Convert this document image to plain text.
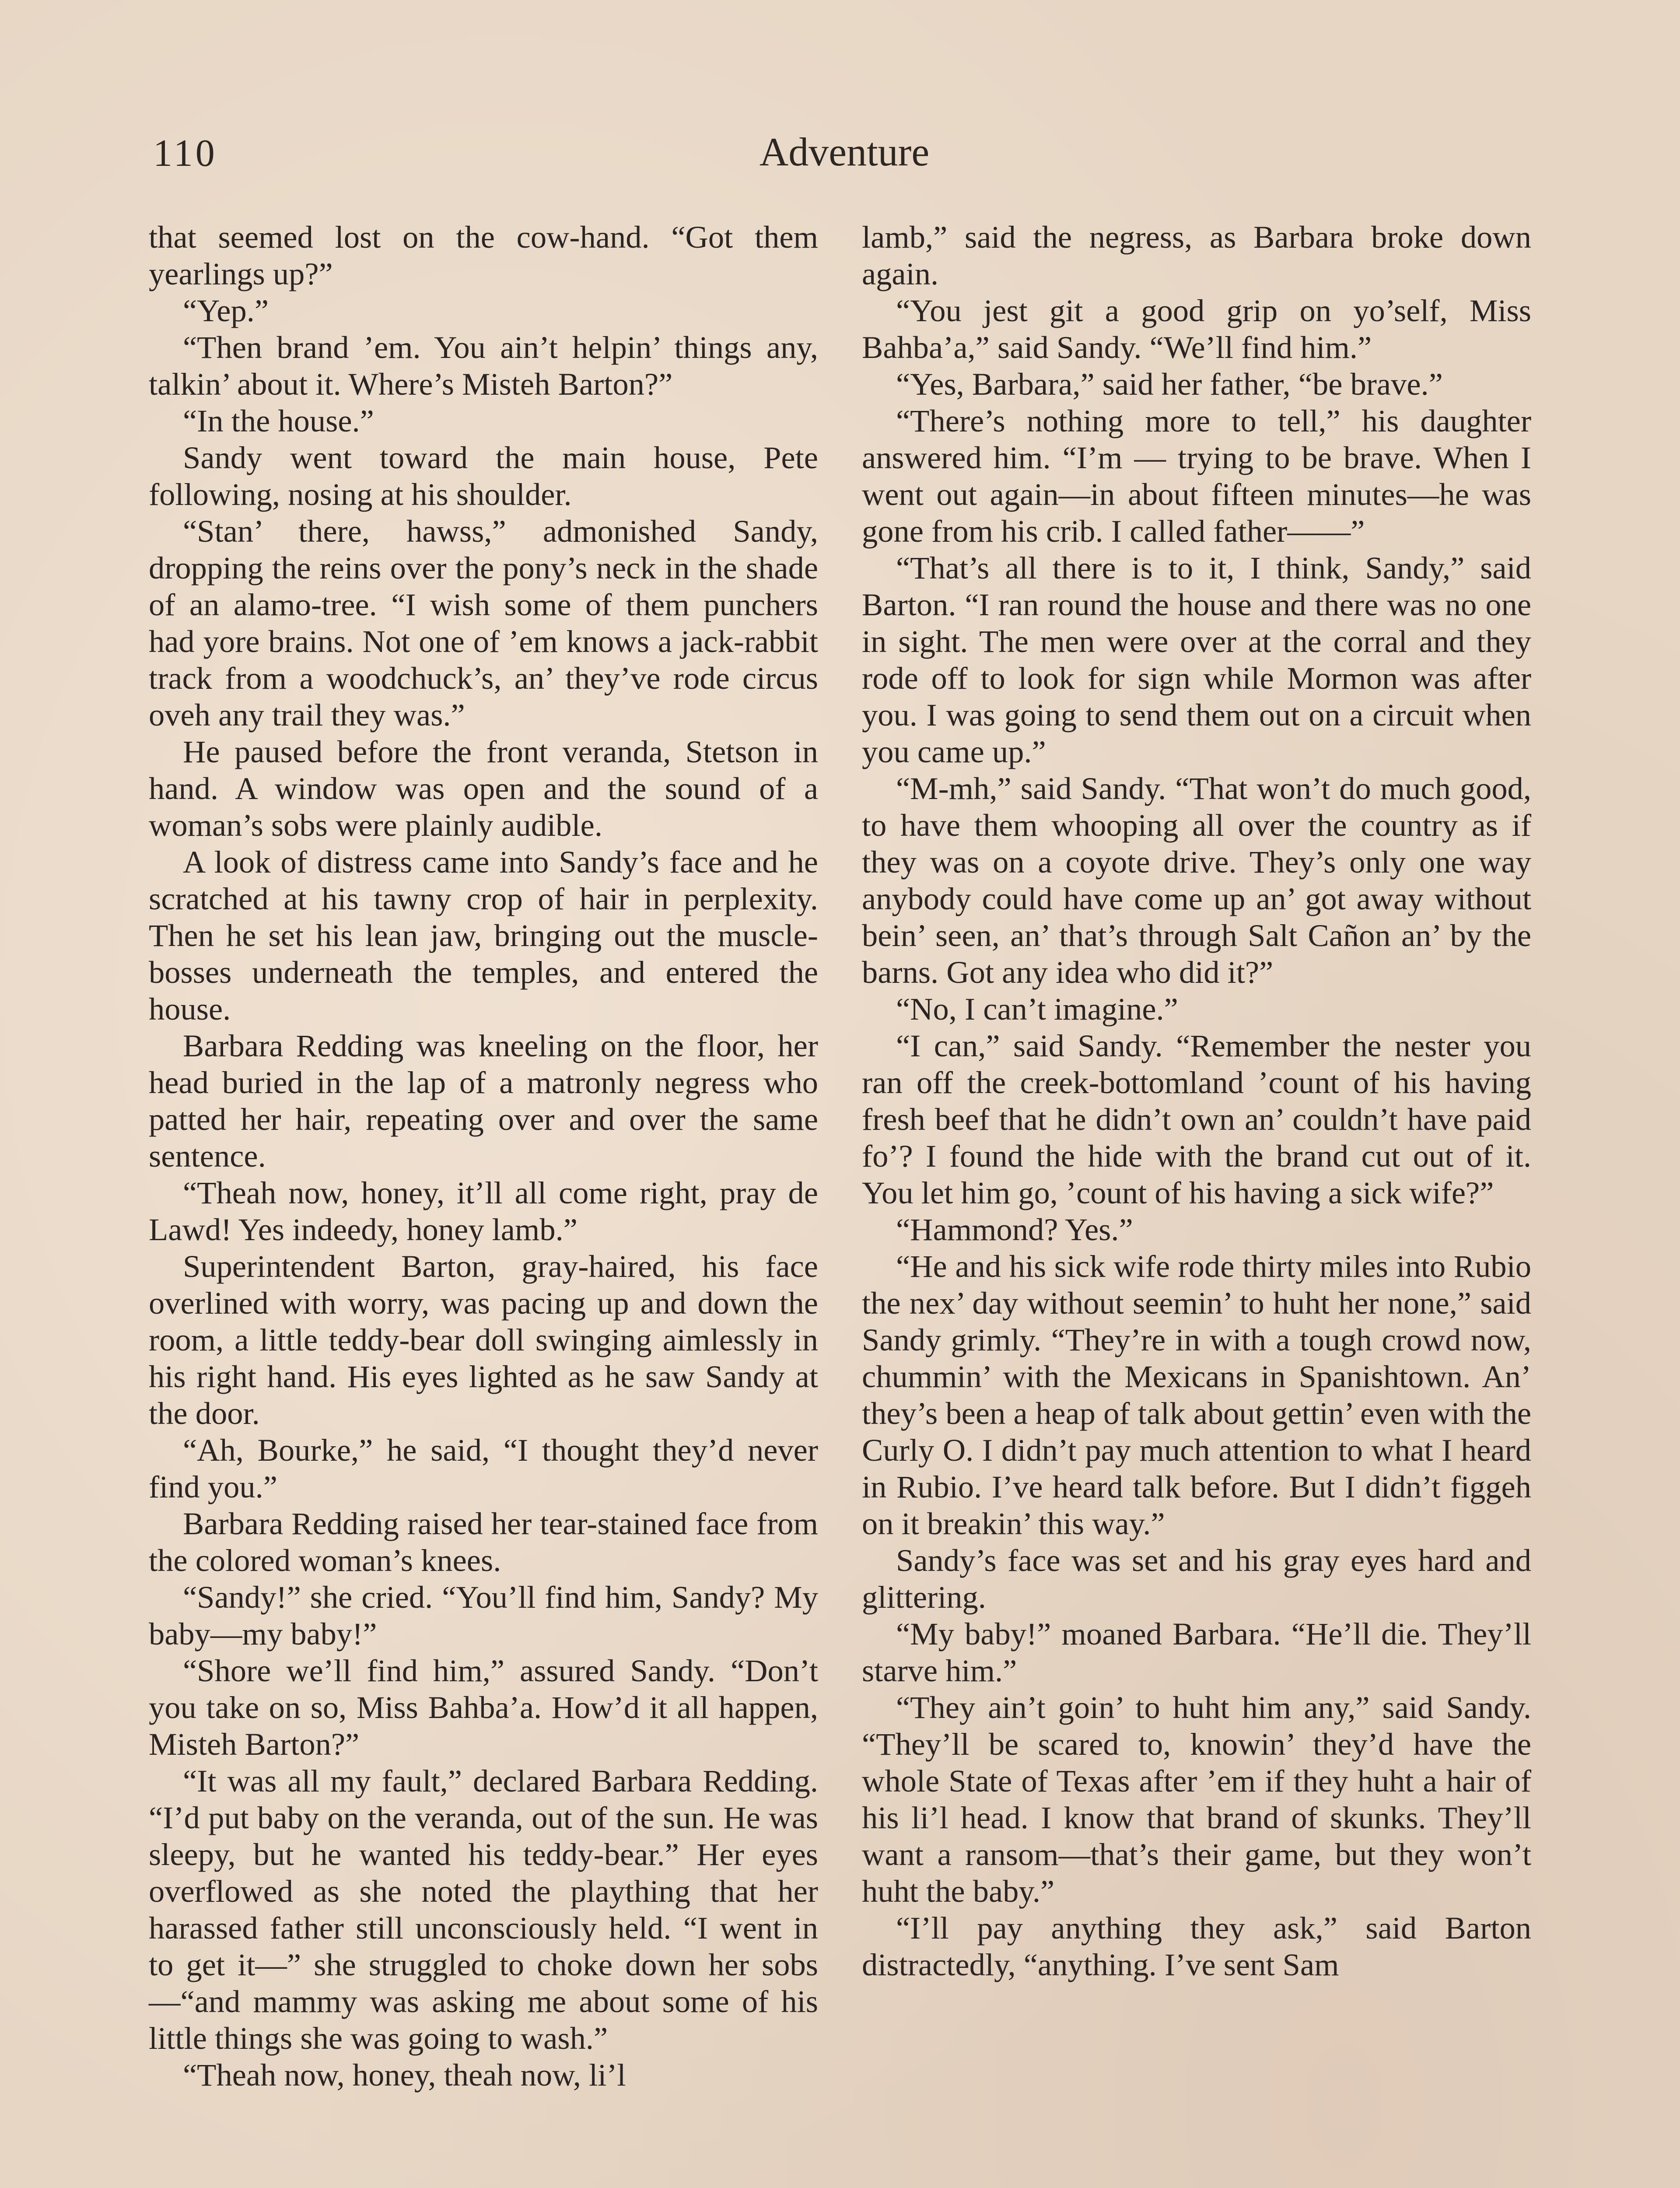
110	Adventure

that seemed lost on the cow-hand. “Got them yearlings up?”

“Yep.”

“Then brand ’em. You ain’t helpin’ things any, talkin’ about it. Where’s Misteh Barton?”

“In the house.”

Sandy went toward the main house, Pete following, nosing at his shoulder.

“Stan’ there, hawss,” admonished Sandy, dropping the reins over the pony’s neck in the shade of an alamo-tree. “I wish some of them punchers had yore brains. Not one of ’em knows a jack-rabbit track from a woodchuck’s, an’ they’ve rode circus oveh any trail they was.”

He paused before the front veranda, Stetson in hand. A window was open and the sound of a woman’s sobs were plainly audible.

A look of distress came into Sandy’s face and he scratched at his tawny crop of hair in perplexity. Then he set his lean jaw, bringing out the muscle-bosses underneath the temples, and entered the house.

Barbara Redding was kneeling on the floor, her head buried in the lap of a matronly negress who patted her hair, repeating over and over the same sentence.

“Theah now, honey, it’ll all come right, pray de Lawd! Yes indeedy, honey lamb.”

Superintendent Barton, gray-haired, his face overlined with worry, was pacing up and down the room, a little teddy-bear doll swinging aimlessly in his right hand. His eyes lighted as he saw Sandy at the door.

“Ah, Bourke,” he said, “I thought they’d never find you.”

Barbara Redding raised her tear-stained face from the colored woman’s knees.

“Sandy!” she cried. “You’ll find him, Sandy? My baby—my baby!”

“Shore we’ll find him,” assured Sandy. “Don’t you take on so, Miss Bahba’a. How’d it all happen, Misteh Barton?”

“It was all my fault,” declared Barbara Redding. “I’d put baby on the veranda, out of the sun. He was sleepy, but he wanted his teddy-bear.” Her eyes overflowed as she noted the plaything that her harassed father still unconsciously held. “I went in to get it—” she struggled to choke down her sobs—“and mammy was asking me about some of his little things she was going to wash.”

“Theah now, honey, theah now, li’l

lamb,” said the negress, as Barbara broke down again.

“You jest git a good grip on yo’self, Miss Bahba’a,” said Sandy. “We’ll find him.”

“Yes, Barbara,” said her father, “be brave.”

“There’s nothing more to tell,” his daughter answered him. “I’m — trying to be brave. When I went out again—in about fifteen minutes—he was gone from his crib. I called father——”

“That’s all there is to it, I think, Sandy,” said Barton. “I ran round the house and there was no one in sight. The men were over at the corral and they rode off to look for sign while Mormon was after you. I was going to send them out on a circuit when you came up.”

“M-mh,” said Sandy. “That won’t do much good, to have them whooping all over the country as if they was on a coyote drive. They’s only one way anybody could have come up an’ got away without bein’ seen, an’ that’s through Salt Cañon an’ by the barns. Got any idea who did it?”

“No, I can’t imagine.”

“I can,” said Sandy. “Remember the nester you ran off the creek-bottomland ’count of his having fresh beef that he didn’t own an’ couldn’t have paid fo’? I found the hide with the brand cut out of it. You let him go, ’count of his having a sick wife?”

“Hammond? Yes.”

“He and his sick wife rode thirty miles into Rubio the nex’ day without seemin’ to huht her none,” said Sandy grimly. “They’re in with a tough crowd now, chummin’ with the Mexicans in Spanishtown. An’ they’s been a heap of talk about gettin’ even with the Curly O. I didn’t pay much attention to what I heard in Rubio. I’ve heard talk before. But I didn’t figgeh on it breakin’ this way.”

Sandy’s face was set and his gray eyes hard and glittering.

“My baby!” moaned Barbara. “He’ll die. They’ll starve him.”

“They ain’t goin’ to huht him any,” said Sandy. “They’ll be scared to, knowin’ they’d have the whole State of Texas after ’em if they huht a hair of his li’l head. I know that brand of skunks. They’ll want a ransom—that’s their game, but they won’t huht the baby.”

“I’ll pay anything they ask,” said Barton distractedly, “anything. I’ve sent Sam
